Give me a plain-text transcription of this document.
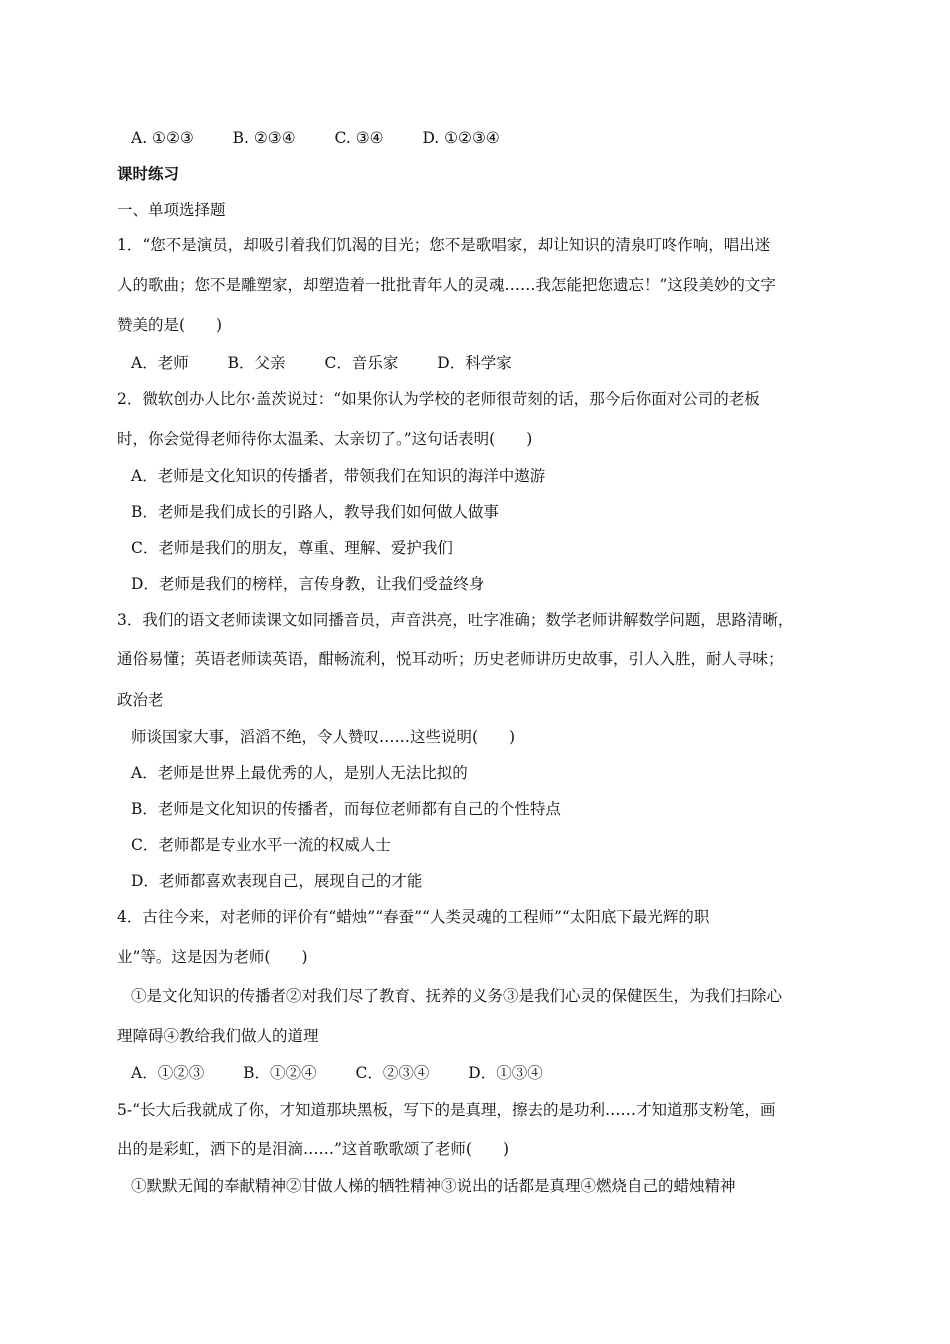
A. ①②③	B. ②③④	C. ③④	D. ①②③④
课时练习
一、单项选择题
1．“您不是演员，却吸引着我们饥渴的目光；您不是歌唱家，却让知识的清泉叮咚作响，唱出迷
人的歌曲；您不是雕塑家，却塑造着一批批青年人的灵魂……我怎能把您遗忘！”这段美妙的文字
赞美的是(　　)
A．老师	B．父亲	C．音乐家	D．科学家
2．微软创办人比尔·盖茨说过：“如果你认为学校的老师很苛刻的话，那今后你面对公司的老板
时，你会觉得老师待你太温柔、太亲切了。”这句话表明(　　)
A．老师是文化知识的传播者，带领我们在知识的海洋中遨游
B．老师是我们成长的引路人，教导我们如何做人做事
C．老师是我们的朋友，尊重、理解、爱护我们
D．老师是我们的榜样，言传身教，让我们受益终身
3．我们的语文老师读课文如同播音员，声音洪亮，吐字准确；数学老师讲解数学问题，思路清晰，
通俗易懂；英语老师读英语，酣畅流利，悦耳动听；历史老师讲历史故事，引人入胜，耐人寻味；
政治老
师谈国家大事，滔滔不绝，令人赞叹……这些说明(　　)
A．老师是世界上最优秀的人，是别人无法比拟的
B．老师是文化知识的传播者，而每位老师都有自己的个性特点
C．老师都是专业水平一流的权威人士
D．老师都喜欢表现自己，展现自己的才能
4．古往今来，对老师的评价有“蜡烛”“春蚕”“人类灵魂的工程师”“太阳底下最光辉的职
业”等。这是因为老师(　　)
①是文化知识的传播者②对我们尽了教育、抚养的义务③是我们心灵的保健医生，为我们扫除心
理障碍④教给我们做人的道理
A．①②③	B．①②④	C．②③④	D．①③④
5-“长大后我就成了你，才知道那块黑板，写下的是真理，擦去的是功利……才知道那支粉笔，画
出的是彩虹，洒下的是泪滴……”这首歌歌颂了老师(　　)
①默默无闻的奉献精神②甘做人梯的牺牲精神③说出的话都是真理④燃烧自己的蜡烛精神
